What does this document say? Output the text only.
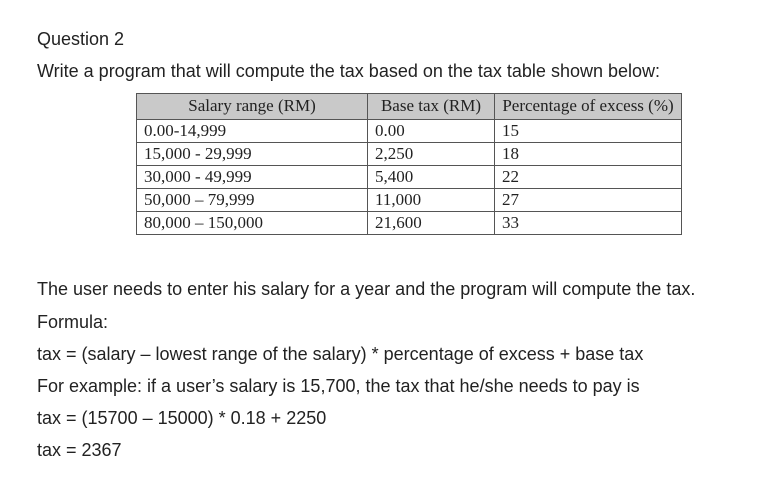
Question 2
Write a program that will compute the tax based on the tax table shown below:
Salary range (RM)	Base tax (RM)	Percentage of excess (%)
0.00-14,999	0.00	15
15,000 - 29,999	2,250	18
30,000 - 49,999	5,400	22
50,000 – 79,999	11,000	27
80,000 – 150,000	21,600	33
The user needs to enter his salary for a year and the program will compute the tax.
Formula:
tax = (salary – lowest range of the salary) * percentage of excess + base tax
For example: if a user’s salary is 15,700, the tax that he/she needs to pay is
tax = (15700 – 15000) * 0.18 + 2250
tax = 2367
